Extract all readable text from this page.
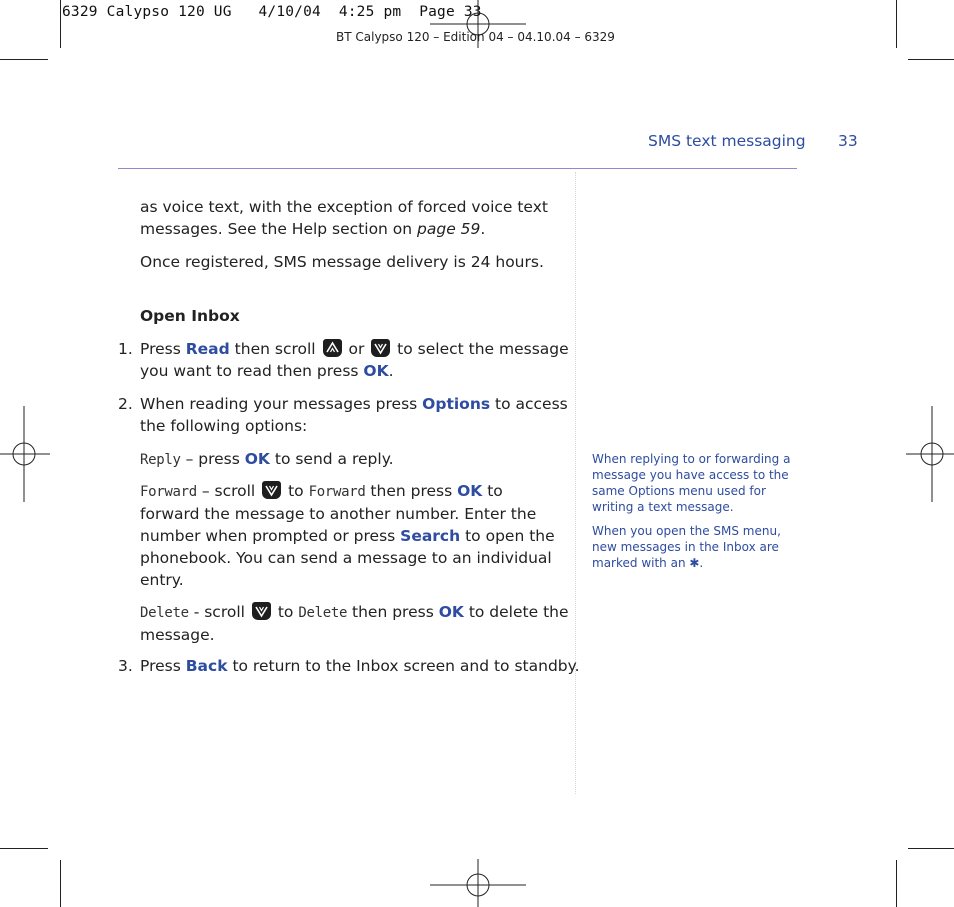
6329 Calypso 120 UG   4/10/04  4:25 pm  Page 33
BT Calypso 120 – Edition 04 – 04.10.04 – 6329
SMS text messaging 33
as voice text, with the exception of forced voice text
messages. See the Help section on page 59.
Once registered, SMS message delivery is 24 hours.
Open Inbox
1. Press Read then scroll
or
to select the message
you want to read then press OK.
2. When reading your messages press Options to access
the following options:
Reply – press OK to send a reply.
Forward – scroll
to Forward then press OK to
forward the message to another number. Enter the
number when prompted or press Search to open the
phonebook. You can send a message to an individual
entry.
Delete - scroll
to Delete then press OK to delete the
message.
3. Press Back to return to the Inbox screen and to standby.
When replying to or forwarding a
message you have access to the
same Options menu used for
writing a text message.
When you open the SMS menu,
new messages in the Inbox are
marked with an ✱.
